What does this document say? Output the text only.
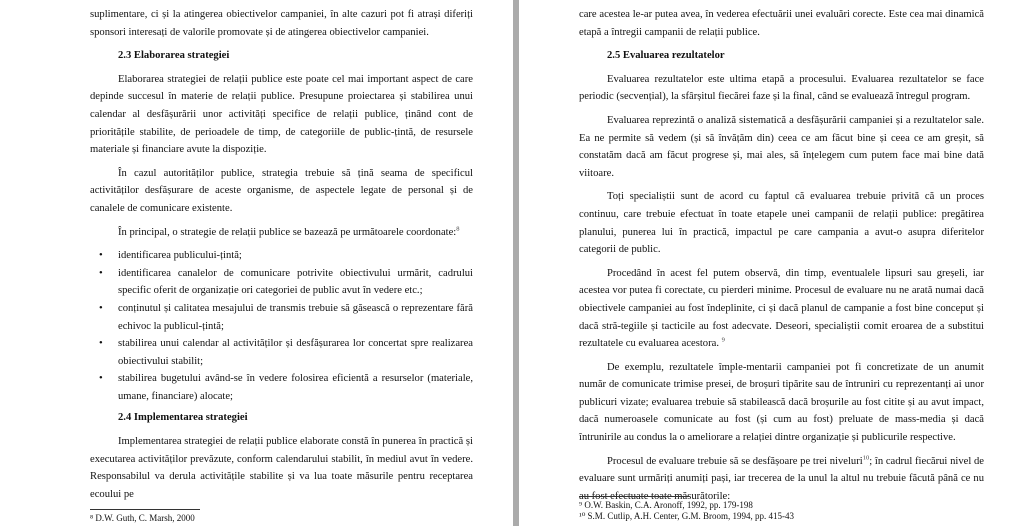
suplimentare, ci și la atingerea obiectivelor campaniei, în alte cazuri pot fi atrași diferiți sponsori interesați de valorile promovate și de atingerea obiectivelor campaniei.

2.3 Elaborarea strategiei

Elaborarea strategiei de relații publice este poate cel mai important aspect de care depinde succesul în materie de relații publice. Presupune proiectarea și stabilirea unui calendar al desfășurării unor activități specifice de relații publice, ținând cont de prioritățile stabilite, de perioadele de timp, de categoriile de public-țintă, de resursele materiale și financiare avute la dispoziție.

În cazul autorităților publice, strategia trebuie să țină seama de specificul activităților desfășurare de aceste organisme, de aspectele legate de personal și de canalele de comunicare existente.

În principal, o strategie de relații publice se bazează pe următoarele coordonate:$^8$

• identificarea publicului-țintă;
• identificarea canalelor de comunicare potrivite obiectivului urmărit, cadrului specific oferit de organizație ori categoriei de public avut în vedere etc.;
• conținutul și calitatea mesajului de transmis trebuie să găsească o reprezentare fără echivoc la publicul-țintă;
• stabilirea unui calendar al activităților și desfășurarea lor concertat spre realizarea obiectivului stabilit;
• stabilirea bugetului având-se în vedere folosirea eficientă a resurselor (materiale, umane, financiare) alocate;
2.4 Implementarea strategiei

Implementarea strategiei de relații publice elaborate constă în punerea în practică și executarea activităților prevăzute, conform calendarului stabilit, în mediul avut în vedere. Responsabilul va derula activitățile stabilite și va lua toate măsurile pentru receptarea ecoului pe

⁸ D.W. Guth, C. Marsh, 2000

care acestea le-ar putea avea, în vederea efectuării unei evaluări corecte. Este cea mai dinamică etapă a întregii campanii de relații publice.

2.5 Evaluarea rezultatelor

Evaluarea rezultatelor este ultima etapă a procesului. Evaluarea rezultatelor se face periodic (secvențial), la sfârșitul fiecărei faze și la final, când se evaluează întregul program.

Evaluarea reprezintă o analiză sistematică a desfășurării campaniei și a rezultatelor sale. Ea ne permite să vedem (și să învățăm din) ceea ce am făcut bine și ceea ce am greșit, să constatăm dacă am făcut progrese și, mai ales, să înțelegem cum putem face mai bine dată viitoare.

Toți specialiștii sunt de acord cu faptul că evaluarea trebuie privită că un proces continuu, care trebuie efectuat în toate etapele unei campanii de relații publice: pregătirea planului, punerea lui în practică, impactul pe care campania a avut-o asupra diferitelor categorii de public.

Procedând în acest fel putem observă, din timp, eventualele lipsuri sau greșeli, iar acestea vor putea fi corectate, cu pierderi minime. Procesul de evaluare nu ne arată numai dacă obiectivele campaniei au fost îndeplinite, ci și dacă planul de campanie a fost bine conceput și dacă stră-tegiile și tacticile au fost adecvate. Deseori, specialiștii comit eroarea de a substitui rezultatele cu evaluarea acestora. $^9$

De exemplu, rezultatele împle-mentarii campaniei pot fi concretizate de un anumit număr de comunicate trimise presei, de broșuri tipărite sau de întruniri cu reprezentanți ai unor publicuri vizate; evaluarea trebuie să stabilească dacă broșurile au fost citite și au avut impact, dacă numeroasele comunicate au fost (și cum au fost) preluate de mass-media și dacă întrunirile au condus la o ameliorare a relației dintre organizație și publicurile respective.

Procesul de evaluare trebuie să se desfășoare pe trei niveluri$^{10}$; în cadrul fiecărui nivel de evaluare sunt urmăriți anumiți pași, iar trecerea de la unul la altul nu trebuie făcută până ce nu au fost efectuate toate măsurătorile:

⁹ O.W. Baskin, C.A. Aronoff, 1992, pp. 179-198
¹⁰ S.M. Cutlip, A.H. Center, G.M. Broom, 1994, pp. 415-43
